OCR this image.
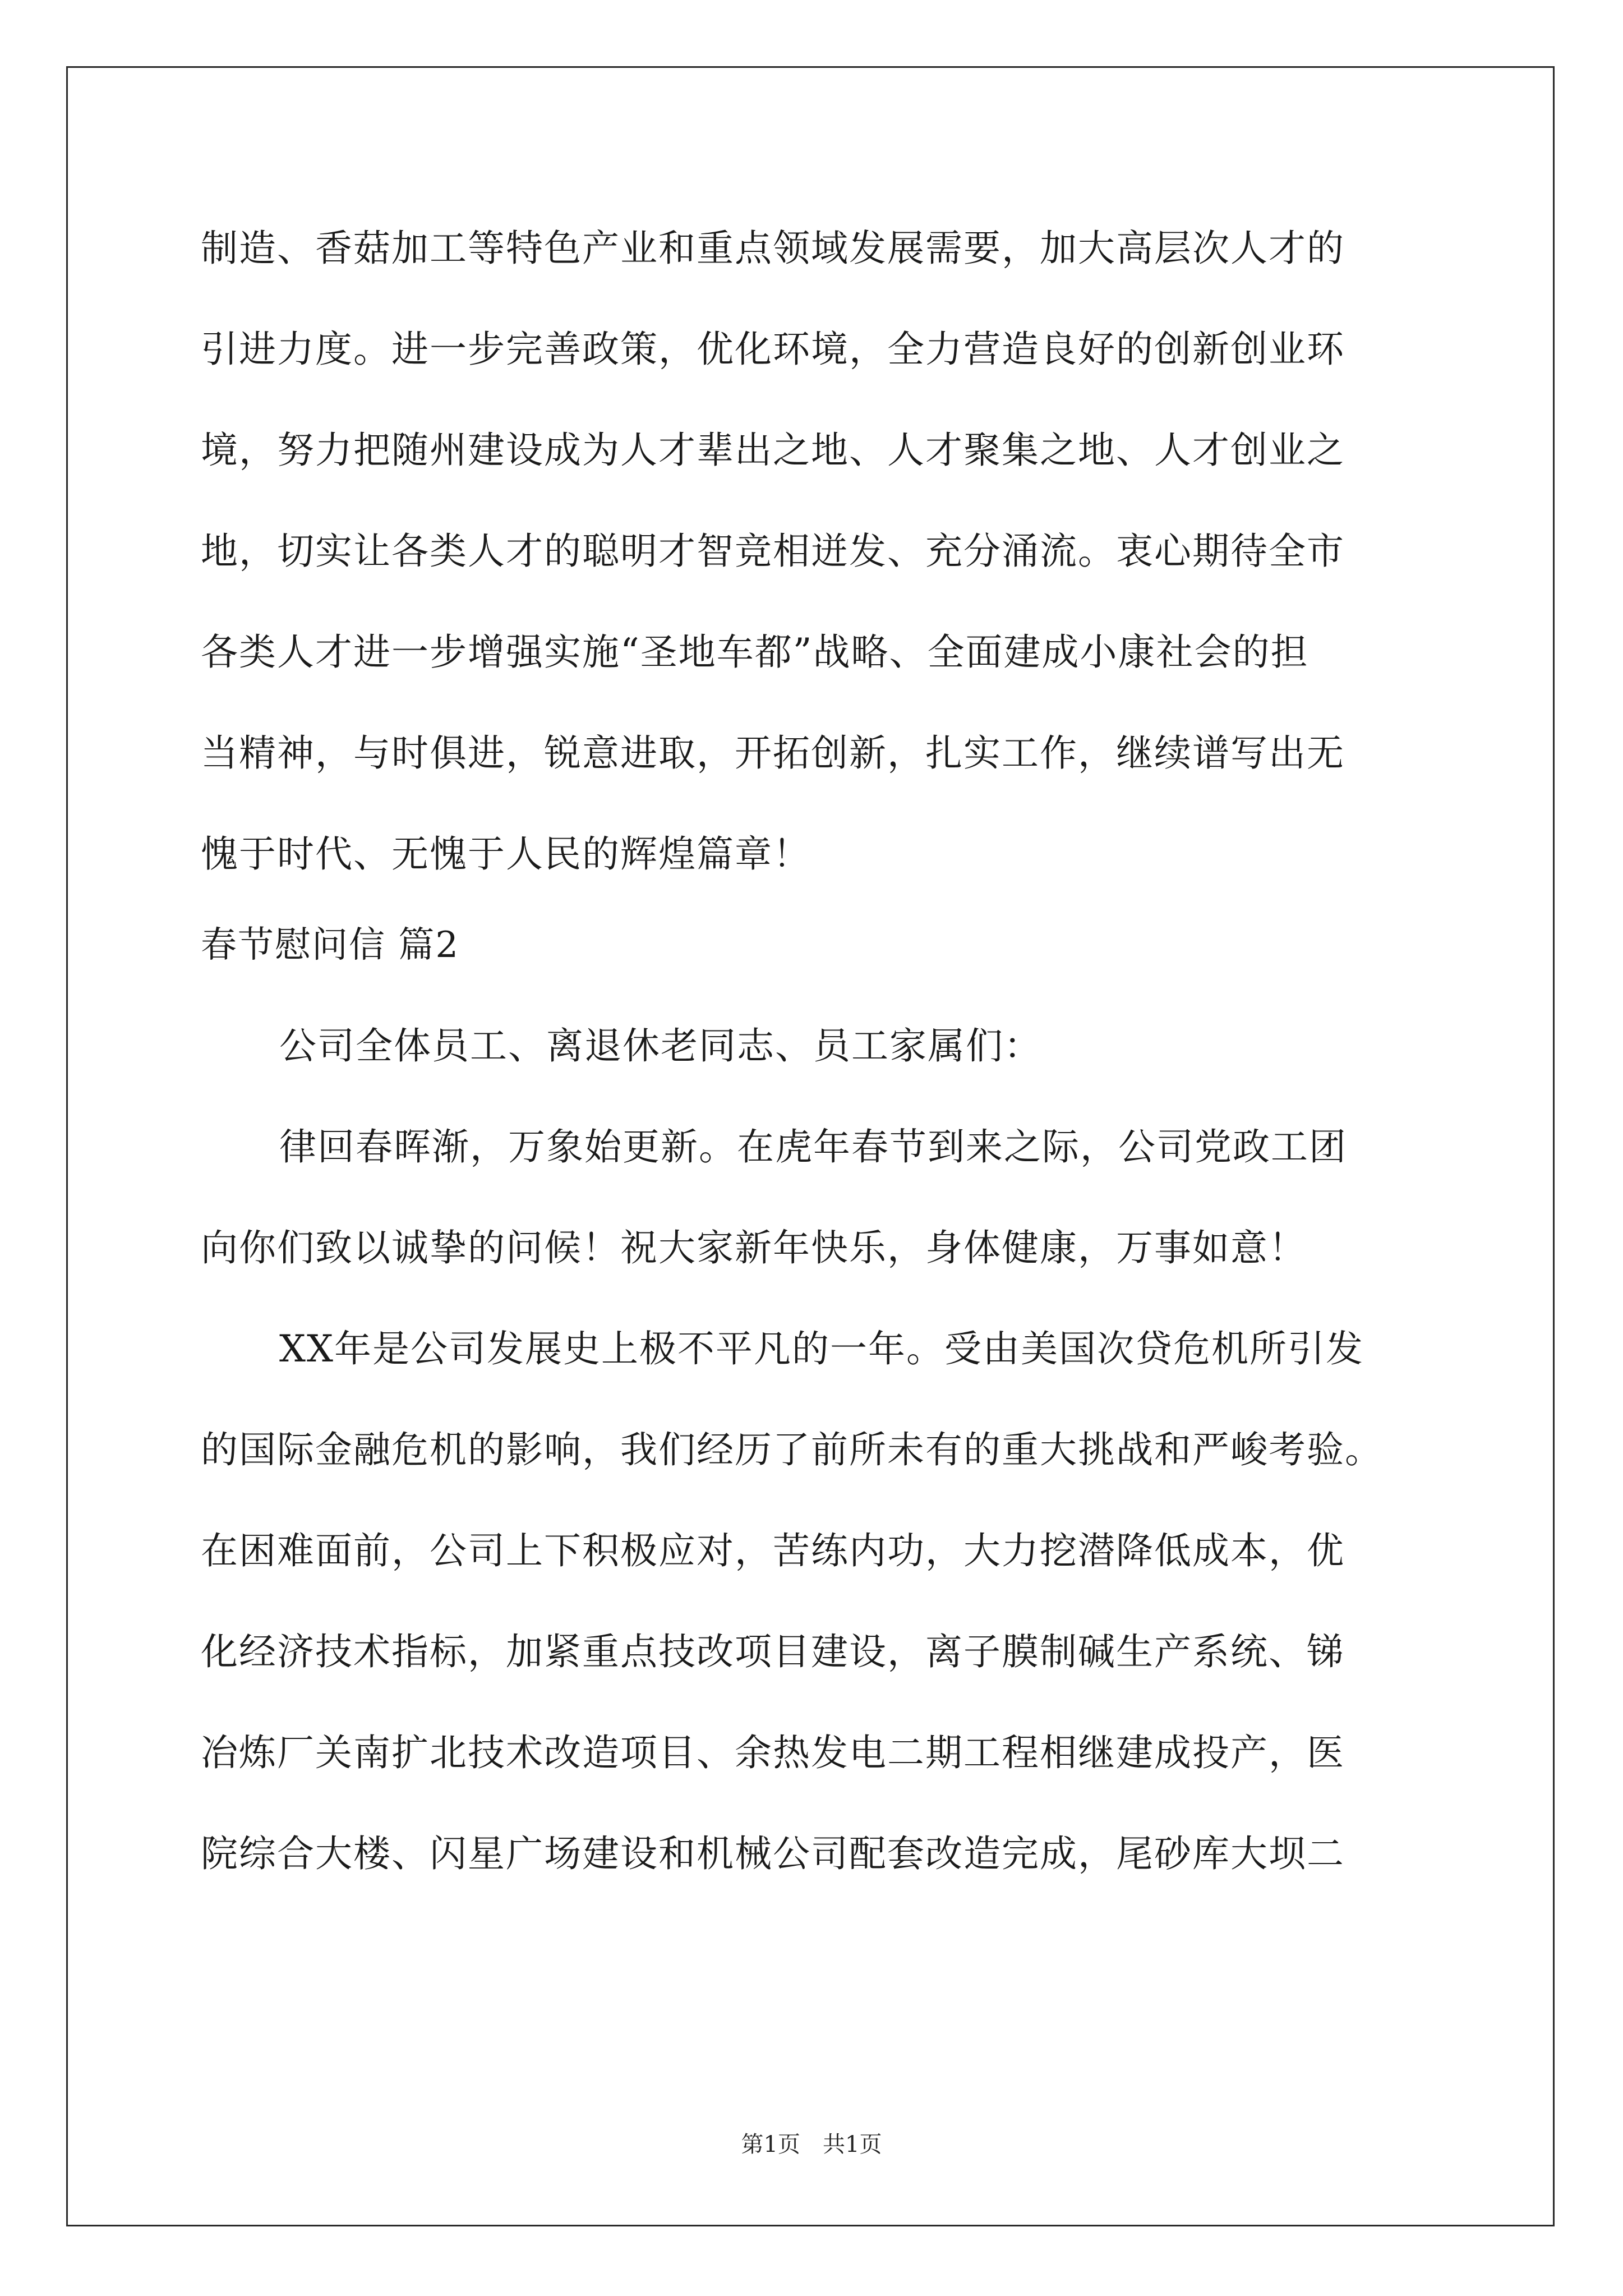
制造、香菇加工等特色产业和重点领域发展需要，加大高层次人才的
引进力度。进一步完善政策，优化环境，全力营造良好的创新创业环
境，努力把随州建设成为人才辈出之地、人才聚集之地、人才创业之
地，切实让各类人才的聪明才智竞相迸发、充分涌流。衷心期待全市
各类人才进一步增强实施“圣地车都”战略、全面建成小康社会的担
当精神，与时俱进，锐意进取，开拓创新，扎实工作，继续谱写出无
愧于时代、无愧于人民的辉煌篇章！
春节慰问信 篇2
公司全体员工、离退休老同志、员工家属们：
律回春晖渐，万象始更新。在虎年春节到来之际，公司党政工团
向你们致以诚挚的问候！祝大家新年快乐，身体健康，万事如意！
XX年是公司发展史上极不平凡的一年。受由美国次贷危机所引发
的国际金融危机的影响，我们经历了前所未有的重大挑战和严峻考验。
在困难面前，公司上下积极应对，苦练内功，大力挖潜降低成本，优
化经济技术指标，加紧重点技改项目建设，离子膜制碱生产系统、锑
冶炼厂关南扩北技术改造项目、余热发电二期工程相继建成投产，医
院综合大楼、闪星广场建设和机械公司配套改造完成，尾砂库大坝二
第1页　共1页
